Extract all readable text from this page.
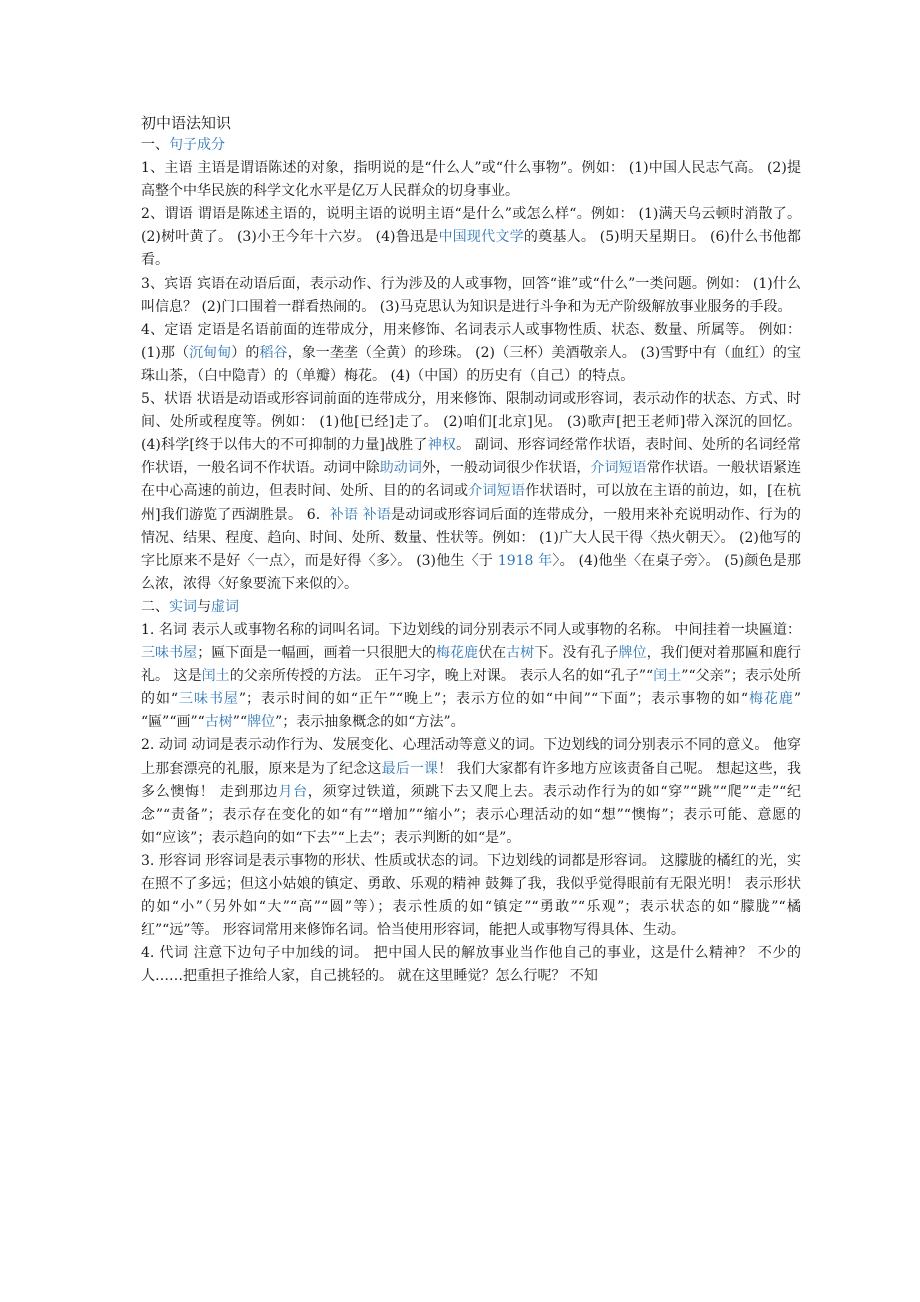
初中语法知识

一、句子成分

1、主语 主语是谓语陈述的对象，指明说的是“什么人”或“什么事物”。例如： (1)中国人民志气高。 (2)提高整个中华民族的科学文化水平是亿万人民群众的切身事业。

2、谓语 谓语是陈述主语的，说明主语的说明主语“是什么”或怎么样“。例如： (1)满天乌云顿时消散了。 (2)树叶黄了。 (3)小王今年十六岁。 (4)鲁迅是中国现代文学的奠基人。 (5)明天星期日。 (6)什么书他都看。

3、宾语 宾语在动语后面，表示动作、行为涉及的人或事物，回答“谁”或“什么”一类问题。例如： (1)什么叫信息？ (2)门口围着一群看热闹的。 (3)马克思认为知识是进行斗争和为无产阶级解放事业服务的手段。

4、定语 定语是名语前面的连带成分，用来修饰、名词表示人或事物性质、状态、数量、所属等。 例如： (1)那（沉甸甸）的稻谷，象一垄垄（全黄）的珍珠。 (2)（三杯）美酒敬亲人。 (3)雪野中有（血红）的宝珠山茶，（白中隐青）的（单瓣）梅花。 (4)（中国）的历史有（自己）的特点。

5、状语 状语是动语或形容词前面的连带成分，用来修饰、限制动词或形容词，表示动作的状态、方式、时间、处所或程度等。例如： (1)他[已经]走了。 (2)咱们[北京]见。 (3)歌声[把王老师]带入深沉的回忆。 (4)科学[终于以伟大的不可抑制的力量]战胜了神权。 副词、形容词经常作状语，表时间、处所的名词经常作状语，一般名词不作状语。动词中除助动词外，一般动词很少作状语，介词短语常作状语。一般状语紧连在中心高速的前边，但表时间、处所、目的的名词或介词短语作状语时，可以放在主语的前边，如，[在杭州]我们游览了西湖胜景。 6．补语 补语是动词或形容词后面的连带成分，一般用来补充说明动作、行为的情况、结果、程度、趋向、时间、处所、数量、性状等。例如： (1)广大人民干得〈热火朝天〉。 (2)他写的字比原来不是好〈一点〉，而是好得〈多〉。 (3)他生〈于 1918 年〉。 (4)他坐〈在桌子旁〉。 (5)颜色是那么浓，浓得〈好象要流下来似的〉。

二、实词与虚词

1. 名词 表示人或事物名称的词叫名词。下边划线的词分别表示不同人或事物的名称。 中间挂着一块匾道：三味书屋；匾下面是一幅画，画着一只很肥大的梅花鹿伏在古树下。没有孔子牌位，我们便对着那匾和鹿行礼。 这是闰土的父亲所传授的方法。 正午习字，晚上对课。 表示人名的如“孔子”“闰土”“父亲”；表示处所的如“三味书屋”；表示时间的如“正午”“晚上”；表示方位的如“中间”“下面”；表示事物的如“梅花鹿” “匾”“画”“古树”“牌位”；表示抽象概念的如“方法”。

2. 动词 动词是表示动作行为、发展变化、心理活动等意义的词。下边划线的词分别表示不同的意义。 他穿上那套漂亮的礼服，原来是为了纪念这最后一课！ 我们大家都有许多地方应该责备自己呢。 想起这些，我多么懊悔！ 走到那边月台，须穿过铁道，须跳下去又爬上去。表示动作行为的如“穿”“跳”“爬”“走”“纪念”“责备”；表示存在变化的如“有”“增加”“缩小”；表示心理活动的如“想”“懊悔”；表示可能、意愿的如“应该”；表示趋向的如“下去”“上去”；表示判断的如“是”。

3. 形容词 形容词是表示事物的形状、性质或状态的词。下边划线的词都是形容词。 这朦胧的橘红的光，实在照不了多远；但这小姑娘的镇定、勇敢、乐观的精神 鼓舞了我，我似乎觉得眼前有无限光明！ 表示形状的如“小”（另外如“大”“高”“圆”等）；表示性质的如“镇定”“勇敢”“乐观”；表示状态的如“朦胧”“橘红”“远”等。 形容词常用来修饰名词。恰当使用形容词，能把人或事物写得具体、生动。

4. 代词 注意下边句子中加线的词。 把中国人民的解放事业当作他自己的事业，这是什么精神？ 不少的人……把重担子推给人家，自己挑轻的。 就在这里睡觉？怎么行呢？ 不知
